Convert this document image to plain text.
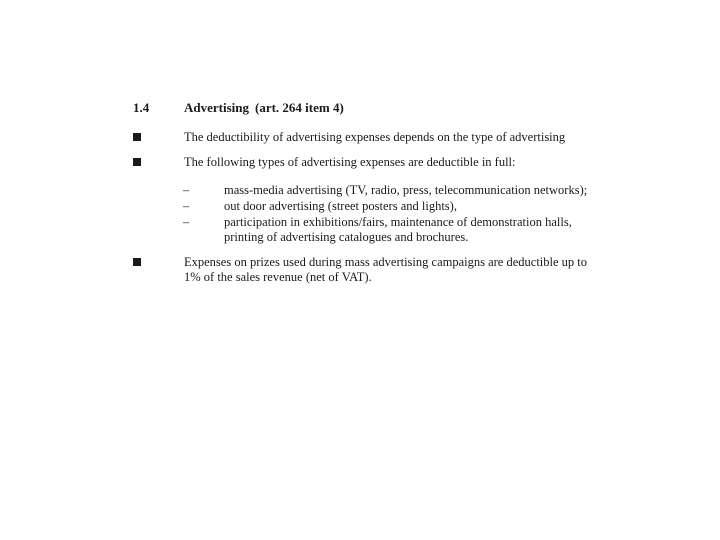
1.4	Advertising (art. 264 item 4)
The deductibility of advertising expenses depends on the type of advertising
The following types of advertising expenses are deductible in full:
–	mass-media advertising (TV, radio, press, telecommunication networks);
–	out door advertising (street posters and lights),
–	participation in exhibitions/fairs, maintenance of demonstration halls, printing of advertising catalogues and brochures.
Expenses on prizes used during mass advertising campaigns are deductible up to 1% of the sales revenue (net of VAT).
